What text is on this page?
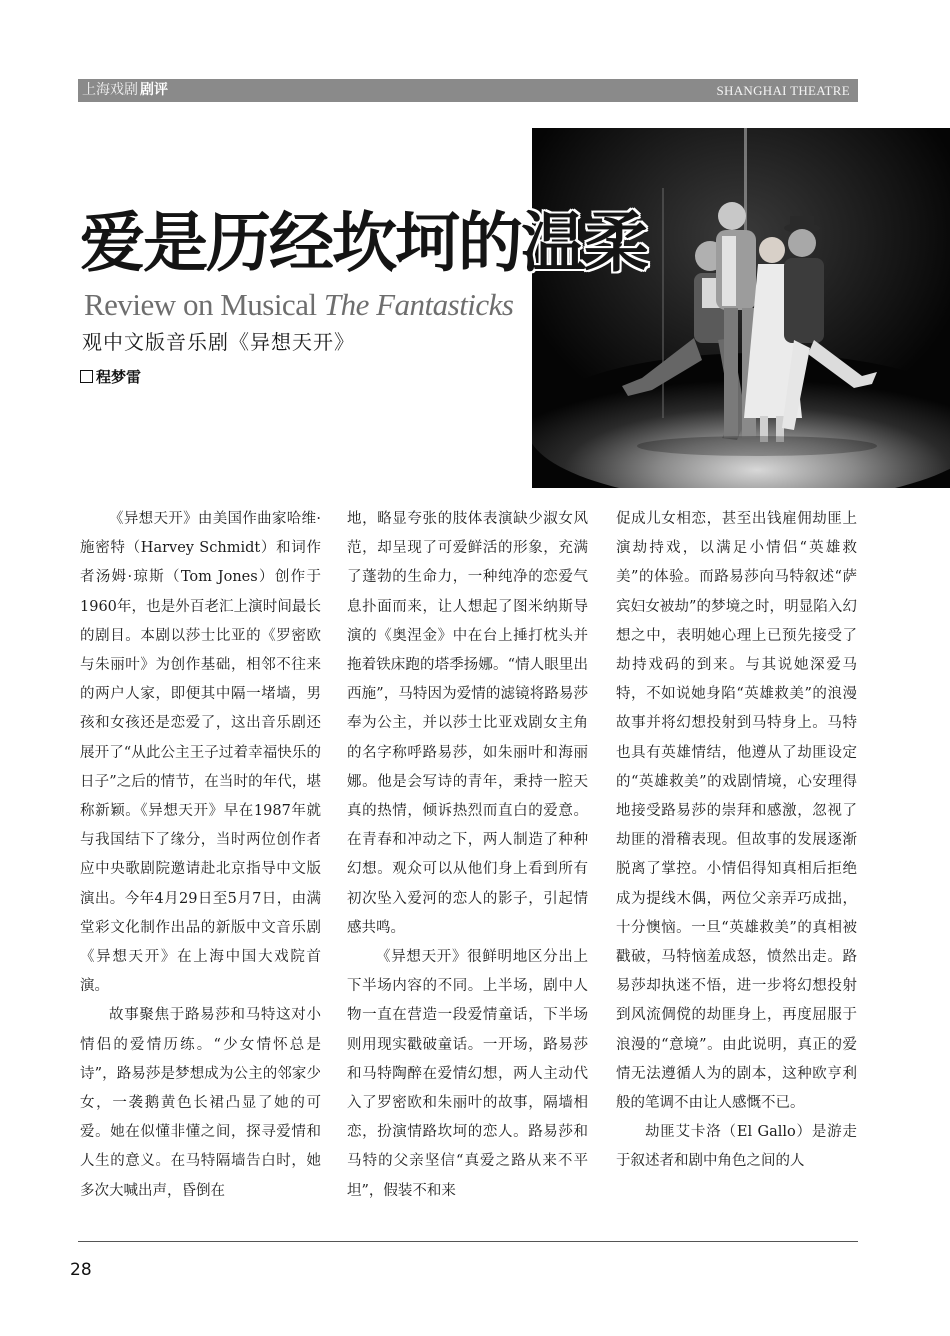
上海戏剧 剧评	SHANGHAI THEATRE
爱是历经坎坷的温柔

Review on Musical The Fantasticks

观中文版音乐剧《异想天开》

程梦雷

《异想天开》由美国作曲家哈维·施密特（Harvey Schmidt）和词作者汤姆·琼斯（Tom Jones）创作于1960年，也是外百老汇上演时间最长的剧目。本剧以莎士比亚的《罗密欧与朱丽叶》为创作基础，相邻不往来的两户人家，即便其中隔一堵墙，男孩和女孩还是恋爱了，这出音乐剧还展开了“从此公主王子过着幸福快乐的日子”之后的情节，在当时的年代，堪称新颖。《异想天开》早在1987年就与我国结下了缘分，当时两位创作者应中央歌剧院邀请赴北京指导中文版演出。今年4月29日至5月7日，由满堂彩文化制作出品的新版中文音乐剧《异想天开》在上海中国大戏院首演。

故事聚焦于路易莎和马特这对小情侣的爱情历练。“少女情怀总是诗”，路易莎是梦想成为公主的邻家少女，一袭鹅黄色长裙凸显了她的可爱。她在似懂非懂之间，探寻爱情和人生的意义。在马特隔墙告白时，她多次大喊出声，昏倒在

地，略显夸张的肢体表演缺少淑女风范，却呈现了可爱鲜活的形象，充满了蓬勃的生命力，一种纯净的恋爱气息扑面而来，让人想起了图米纳斯导演的《奥涅金》中在台上捶打枕头并拖着铁床跑的塔季扬娜。“情人眼里出西施”，马特因为爱情的滤镜将路易莎奉为公主，并以莎士比亚戏剧女主角的名字称呼路易莎，如朱丽叶和海丽娜。他是会写诗的青年，秉持一腔天真的热情，倾诉热烈而直白的爱意。在青春和冲动之下，两人制造了种种幻想。观众可以从他们身上看到所有初次坠入爱河的恋人的影子，引起情感共鸣。

《异想天开》很鲜明地区分出上下半场内容的不同。上半场，剧中人物一直在营造一段爱情童话，下半场则用现实戳破童话。一开场，路易莎和马特陶醉在爱情幻想，两人主动代入了罗密欧和朱丽叶的故事，隔墙相恋，扮演情路坎坷的恋人。路易莎和马特的父亲坚信“真爱之路从来不平坦”，假装不和来

促成儿女相恋，甚至出钱雇佣劫匪上演劫持戏，以满足小情侣“英雄救美”的体验。而路易莎向马特叙述“萨宾妇女被劫”的梦境之时，明显陷入幻想之中，表明她心理上已预先接受了劫持戏码的到来。与其说她深爱马特，不如说她身陷“英雄救美”的浪漫故事并将幻想投射到马特身上。马特也具有英雄情结，他遵从了劫匪设定的“英雄救美”的戏剧情境，心安理得地接受路易莎的崇拜和感激，忽视了劫匪的滑稽表现。但故事的发展逐渐脱离了掌控。小情侣得知真相后拒绝成为提线木偶，两位父亲弄巧成拙，十分懊恼。一旦“英雄救美”的真相被戳破，马特恼羞成怒，愤然出走。路易莎却执迷不悟，进一步将幻想投射到风流倜傥的劫匪身上，再度屈服于浪漫的“意境”。由此说明，真正的爱情无法遵循人为的剧本，这种欧亨利般的笔调不由让人感慨不已。

劫匪艾卡洛（El Gallo）是游走于叙述者和剧中角色之间的人

28
